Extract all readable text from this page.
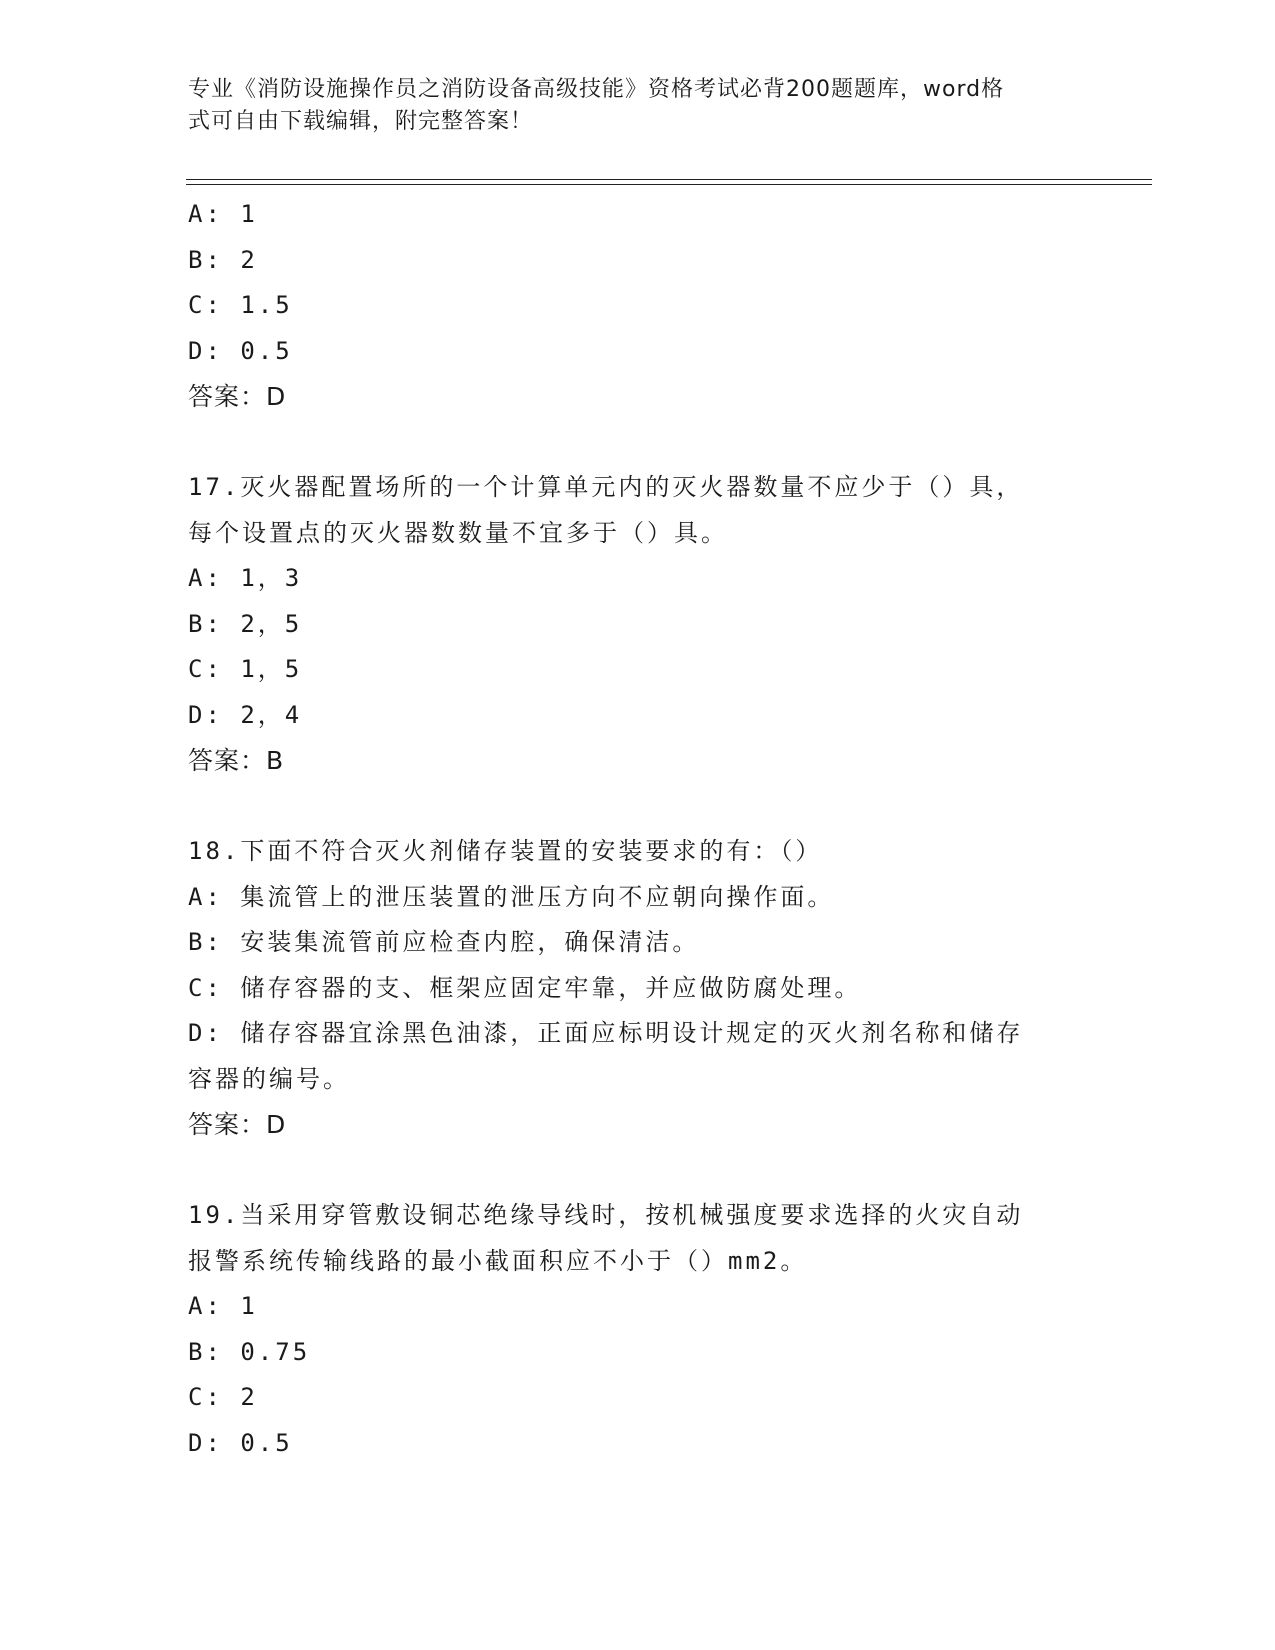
专业《消防设施操作员之消防设备高级技能》资格考试必背200题题库，word格
式可自由下载编辑，附完整答案！
A: 1
B: 2
C: 1.5
D: 0.5
答案：D
17.灭火器配置场所的一个计算单元内的灭火器数量不应少于（）具，
每个设置点的灭火器数数量不宜多于（）具。
A: 1，3
B: 2，5
C: 1，5
D: 2，4
答案：B
18.下面不符合灭火剂储存装置的安装要求的有：（）
A: 集流管上的泄压装置的泄压方向不应朝向操作面。
B: 安装集流管前应检查内腔，确保清洁。
C: 储存容器的支、框架应固定牢靠，并应做防腐处理。
D: 储存容器宜涂黑色油漆，正面应标明设计规定的灭火剂名称和储存
容器的编号。
答案：D
19.当采用穿管敷设铜芯绝缘导线时，按机械强度要求选择的火灾自动
报警系统传输线路的最小截面积应不小于（）mm2。
A: 1
B: 0.75
C: 2
D: 0.5
